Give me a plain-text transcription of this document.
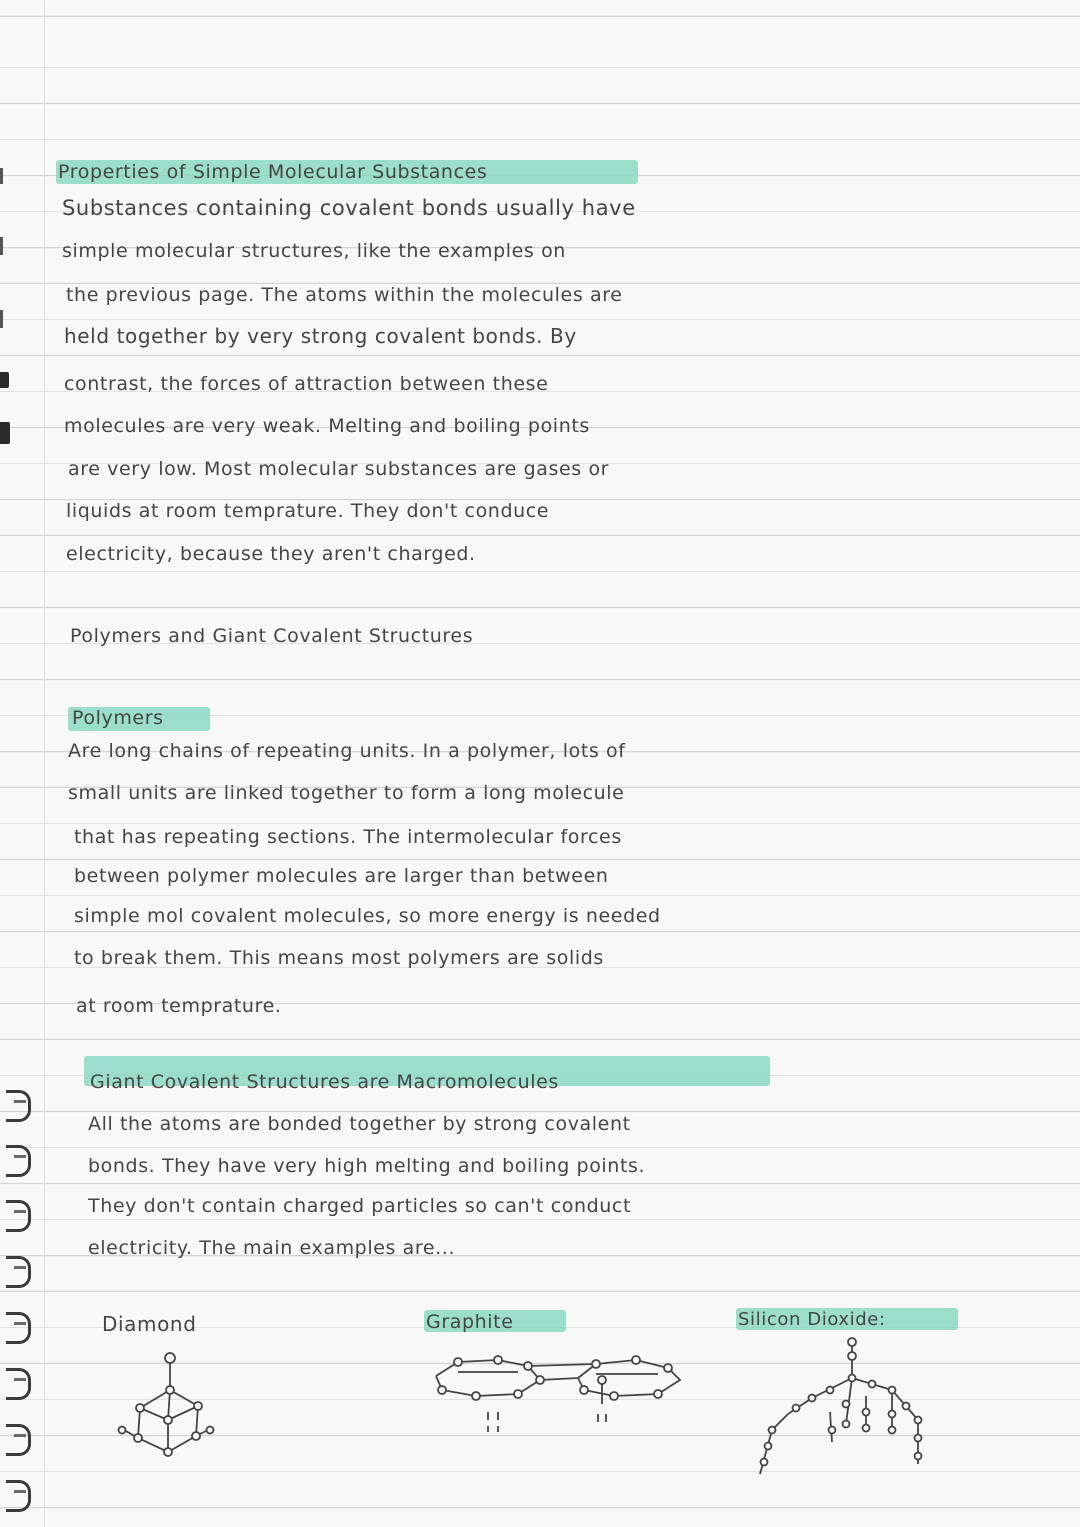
Properties of Simple Molecular Substances
Substances containing covalent bonds usually have
simple molecular structures, like the examples on
the previous page. The atoms within the molecules are
held together by very strong covalent bonds. By
contrast, the forces of attraction between these
molecules are very weak. Melting and boiling points
are very low. Most molecular substances are gases or
liquids at room temprature. They don't conduce
electricity, because they aren't charged.
Polymers and Giant Covalent Structures
Polymers
Are long chains of repeating units. In a polymer, lots of
small units are linked together to form a long molecule
that has repeating sections. The intermolecular forces
between polymer molecules are larger than between
simple mol covalent molecules, so more energy is needed
to break them. This means most polymers are solids
at room temprature.
Giant Covalent Structures are Macromolecules
All the atoms are bonded together by strong covalent
bonds. They have very high melting and boiling points.
They don't contain charged particles so can't conduct
electricity. The main examples are...
Diamond	Graphite	Silicon Dioxide:
